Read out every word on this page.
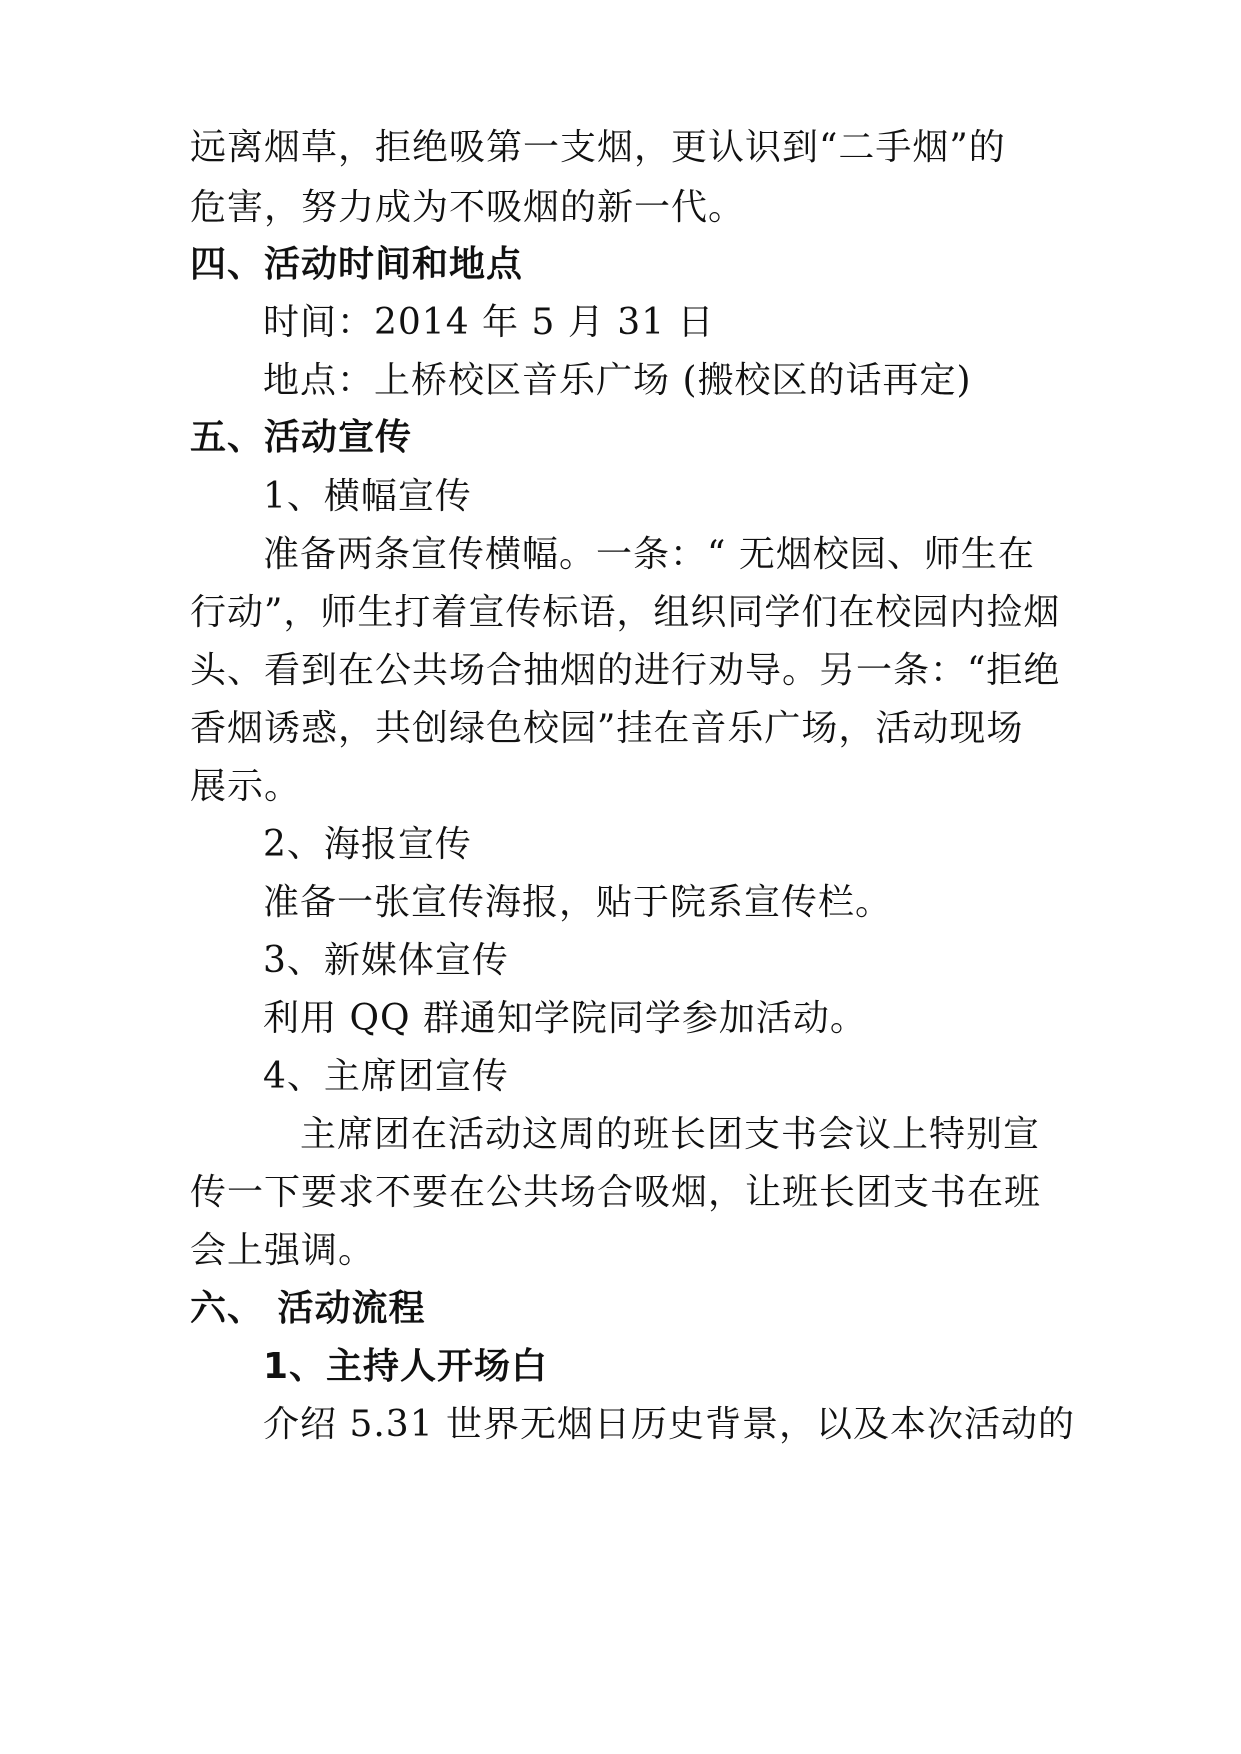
远离烟草，拒绝吸第一支烟，更认识到“二手烟”的
危害，努力成为不吸烟的新一代。
四、活动时间和地点
时间：2014 年 5 月 31 日
地点：上桥校区音乐广场 (搬校区的话再定)
五、活动宣传
1、横幅宣传
准备两条宣传横幅。一条：“ 无烟校园、师生在
行动”，师生打着宣传标语，组织同学们在校园内捡烟
头、看到在公共场合抽烟的进行劝导。另一条：“拒绝
香烟诱惑，共创绿色校园”挂在音乐广场，活动现场
展示。
2、海报宣传
准备一张宣传海报，贴于院系宣传栏。
3、新媒体宣传
利用 QQ 群通知学院同学参加活动。
4、主席团宣传
主席团在活动这周的班长团支书会议上特别宣
传一下要求不要在公共场合吸烟，让班长团支书在班
会上强调。
六、 活动流程
1、主持人开场白
介绍 5.31 世界无烟日历史背景，以及本次活动的
